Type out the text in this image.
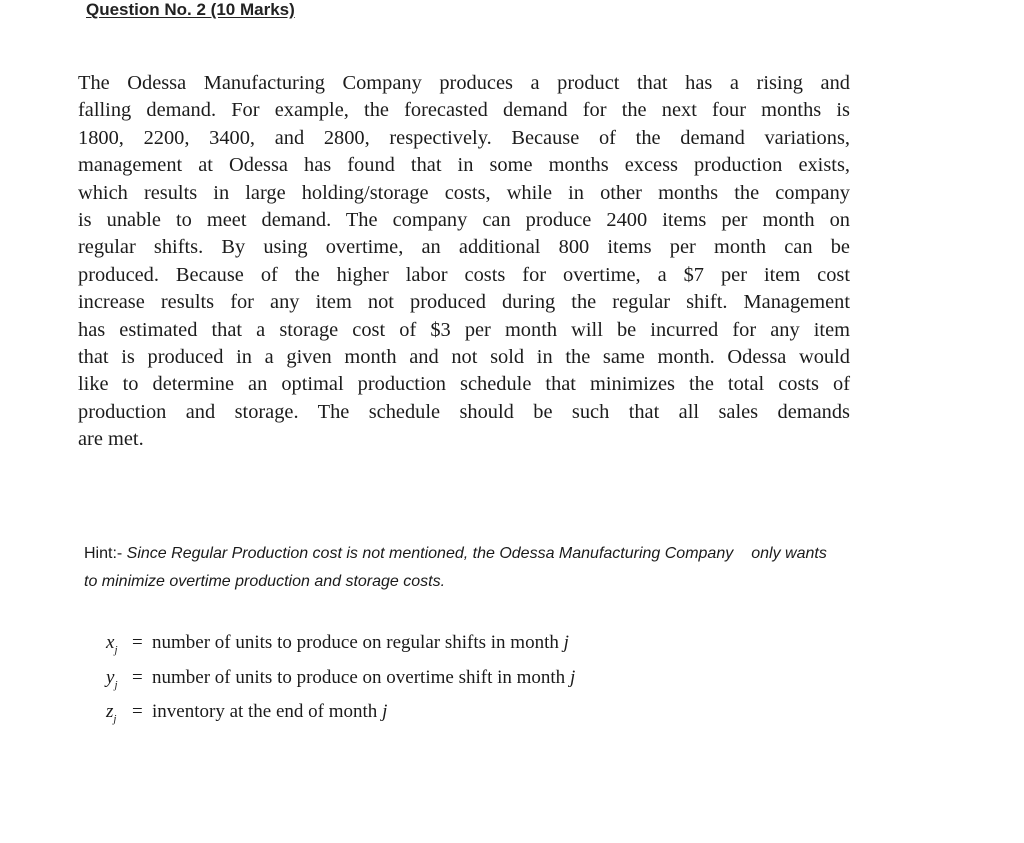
Question No. 2 (10 Marks)
The Odessa Manufacturing Company produces a product that has a rising and
falling demand. For example, the forecasted demand for the next four months is
1800, 2200, 3400, and 2800, respectively. Because of the demand variations,
management at Odessa has found that in some months excess production exists,
which results in large holding/storage costs, while in other months the company
is unable to meet demand. The company can produce 2400 items per month on
regular shifts. By using overtime, an additional 800 items per month can be
produced. Because of the higher labor costs for overtime, a $7 per item cost
increase results for any item not produced during the regular shift. Management
has estimated that a storage cost of $3 per month will be incurred for any item
that is produced in a given month and not sold in the same month. Odessa would
like to determine an optimal production schedule that minimizes the total costs of
production and storage. The schedule should be such that all sales demands
are met.
Hint:- Since Regular Production cost is not mentioned, the Odessa Manufacturing Company only wants
to minimize overtime production and storage costs.
$x_j$ = number of units to produce on regular shifts in month j
$y_j$ = number of units to produce on overtime shift in month j
$z_j$ = inventory at the end of month j
